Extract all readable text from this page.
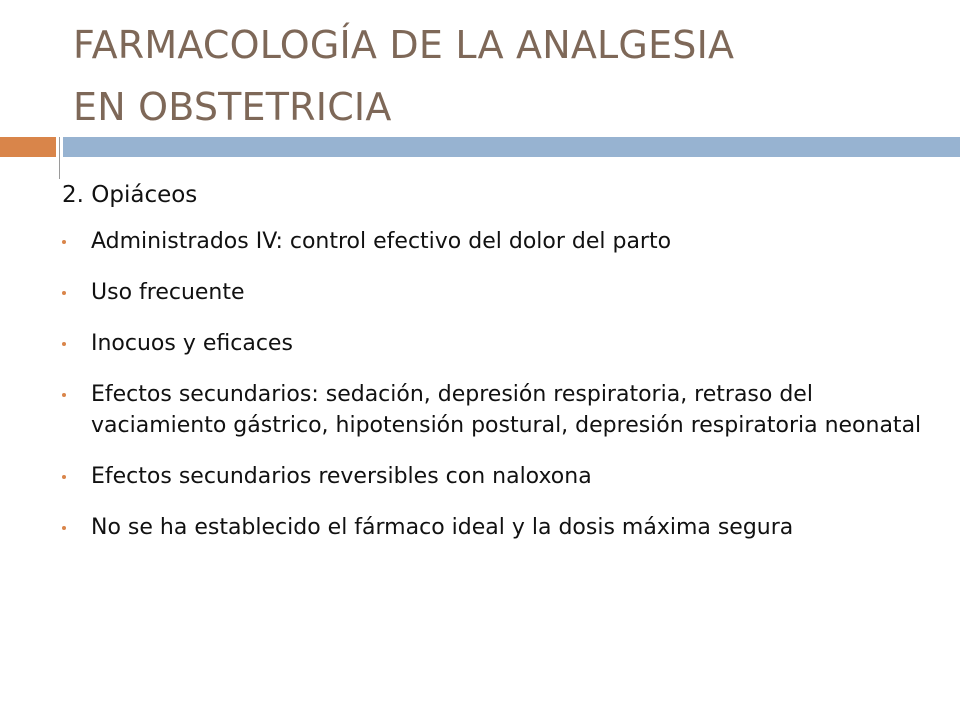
FARMACOLOGÍA DE LA ANALGESIA
EN OBSTETRICIA
2. Opiáceos
Administrados IV: control efectivo del dolor del parto
Uso frecuente
Inocuos y eficaces
Efectos secundarios: sedación, depresión respiratoria, retraso del vaciamiento gástrico, hipotensión postural, depresión respiratoria neonatal
Efectos secundarios reversibles con naloxona
No se ha establecido el fármaco ideal y la dosis máxima segura
